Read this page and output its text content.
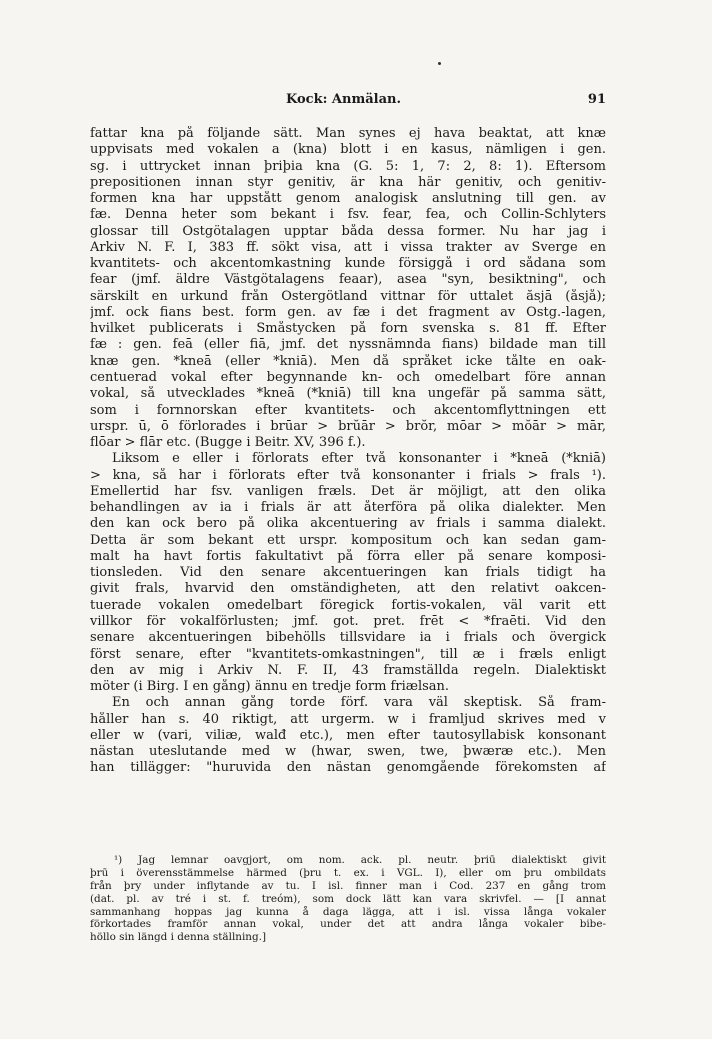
Kock: Anmälan.	91
fattar kna på följande sätt. Man synes ej hava beaktat, att knæ
uppvisats med vokalen a (kna) blott i en kasus, nämligen i gen.
sg. i uttrycket innan þriþia kna (G. 5: 1, 7: 2, 8: 1). Eftersom
prepositionen innan styr genitiv, är kna här genitiv, och genitiv-
formen kna har uppstått genom analogisk anslutning till gen. av
fæ. Denna heter som bekant i fsv. fear, fea, och Collin-Schlyters
glossar till Östgötalagen upptar båda dessa former. Nu har jag i
Arkiv N. F. I, 383 ff. sökt visa, att i vissa trakter av Sverge en
kvantitets- och akcentomkastning kunde försiggå i ord sådana som
fear (jmf. äldre Västgötalagens feaar), asea "syn, besiktning", och
särskilt en urkund från Östergötland vittnar för uttalet ăsjā (åsjå);
jmf. ock fians best. form gen. av fæ i det fragment av Östg.-lagen,
hvilket publicerats i Småstycken på forn svenska s. 81 ff. Efter
fæ : gen. feā (eller fiā, jmf. det nyssnämnda fians) bildade man till
knæ gen. *kneā (eller *kniā). Men då språket icke tålte en oak-
centuerad vokal efter begynnande kn- och omedelbart före annan
vokal, så utvecklades *kneā (*kniā) till kna ungefär på samma sätt,
som i fornnorskan efter kvantitets- och akcentomflyttningen ett
urspr. ū, ō förlorades i brūar > brŭār > brŏr, mōar > mŏār > mār,
flōar > flār etc. (Bugge i Beitr. XV, 396 f.).
Liksom e eller i förlorats efter två konsonanter i *kneā (*kniā)
> kna, så har i förlorats efter två konsonanter i frials > frals ¹).
Emellertid har fsv. vanligen fræls. Det är möjligt, att den olika
behandlingen av ia i frials är att återföra på olika dialekter. Men
den kan ock bero på olika akcentuering av frials i samma dialekt.
Detta är som bekant ett urspr. kompositum och kan sedan gam-
malt ha havt fortis fakultativt på förra eller på senare komposi-
tionsleden. Vid den senare akcentueringen kan frials tidigt ha
givit frals, hvarvid den omständigheten, att den relativt oakcen-
tuerade vokalen omedelbart föregick fortis-vokalen, väl varit ett
villkor för vokalförlusten; jmf. got. pret. frēt < *fraēti. Vid den
senare akcentueringen bibehölls tillsvidare ia i frials och övergick
först senare, efter "kvantitets-omkastningen", till æ i fræls enligt
den av mig i Arkiv N. F. II, 43 framställda regeln. Dialektiskt
möter (i Birg. I en gång) ännu en tredje form friælsan.
En och annan gång torde förf. vara väl skeptisk. Så fram-
håller han s. 40 riktigt, att urgerm. w i framljud skrives med v
eller w (vari, viliæ, walđ etc.), men efter tautosyllabisk konsonant
nästan uteslutande med w (hwar, swen, twe, þwæræ etc.). Men
han tillägger: "huruvida den nästan genomgående förekomsten af
¹) Jag lemnar oavgjort, om nom. ack. pl. neutr. þriū dialektiskt givit
þrū i överensstämmelse härmed (þru t. ex. i VGL. I), eller om þru ombildats
från þry under inflytande av tu. I isl. finner man i Cod. 237 en gång trom
(dat. pl. av tré i st. f. treóm), som dock lätt kan vara skrivfel. — [I annat
sammanhang hoppas jag kunna å daga lägga, att i isl. vissa långa vokaler
förkortades framför annan vokal, under det att andra långa vokaler bibe-
höllo sin längd i denna ställning.]
